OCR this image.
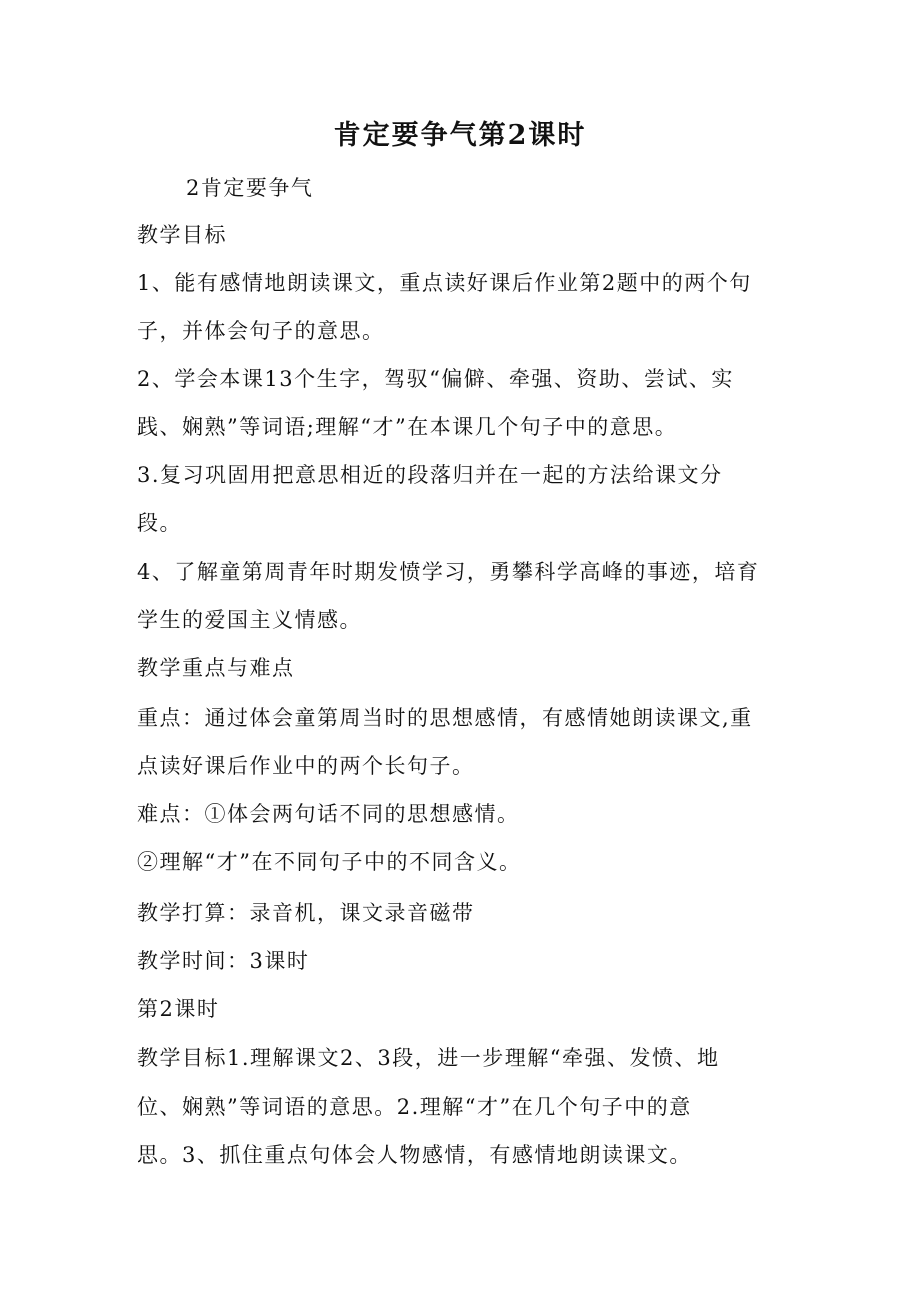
肯定要争气第2课时
2肯定要争气
教学目标
1、能有感情地朗读课文，重点读好课后作业第2题中的两个句
子，并体会句子的意思。
2、学会本课13个生字，驾驭“偏僻、牵强、资助、尝试、实
践、娴熟”等词语;理解“才”在本课几个句子中的意思。
3.复习巩固用把意思相近的段落归并在一起的方法给课文分
段。
4、了解童第周青年时期发愤学习，勇攀科学高峰的事迹，培育
学生的爱国主义情感。
教学重点与难点
重点：通过体会童第周当时的思想感情，有感情她朗读课文,重
点读好课后作业中的两个长句子。
难点：①体会两句话不同的思想感情。
②理解“才”在不同句子中的不同含义。
教学打算：录音机，课文录音磁带
教学时间：3课时
第2课时
教学目标1.理解课文2、3段，进一步理解“牵强、发愤、地
位、娴熟”等词语的意思。2.理解“才”在几个句子中的意
思。3、抓住重点句体会人物感情，有感情地朗读课文。
